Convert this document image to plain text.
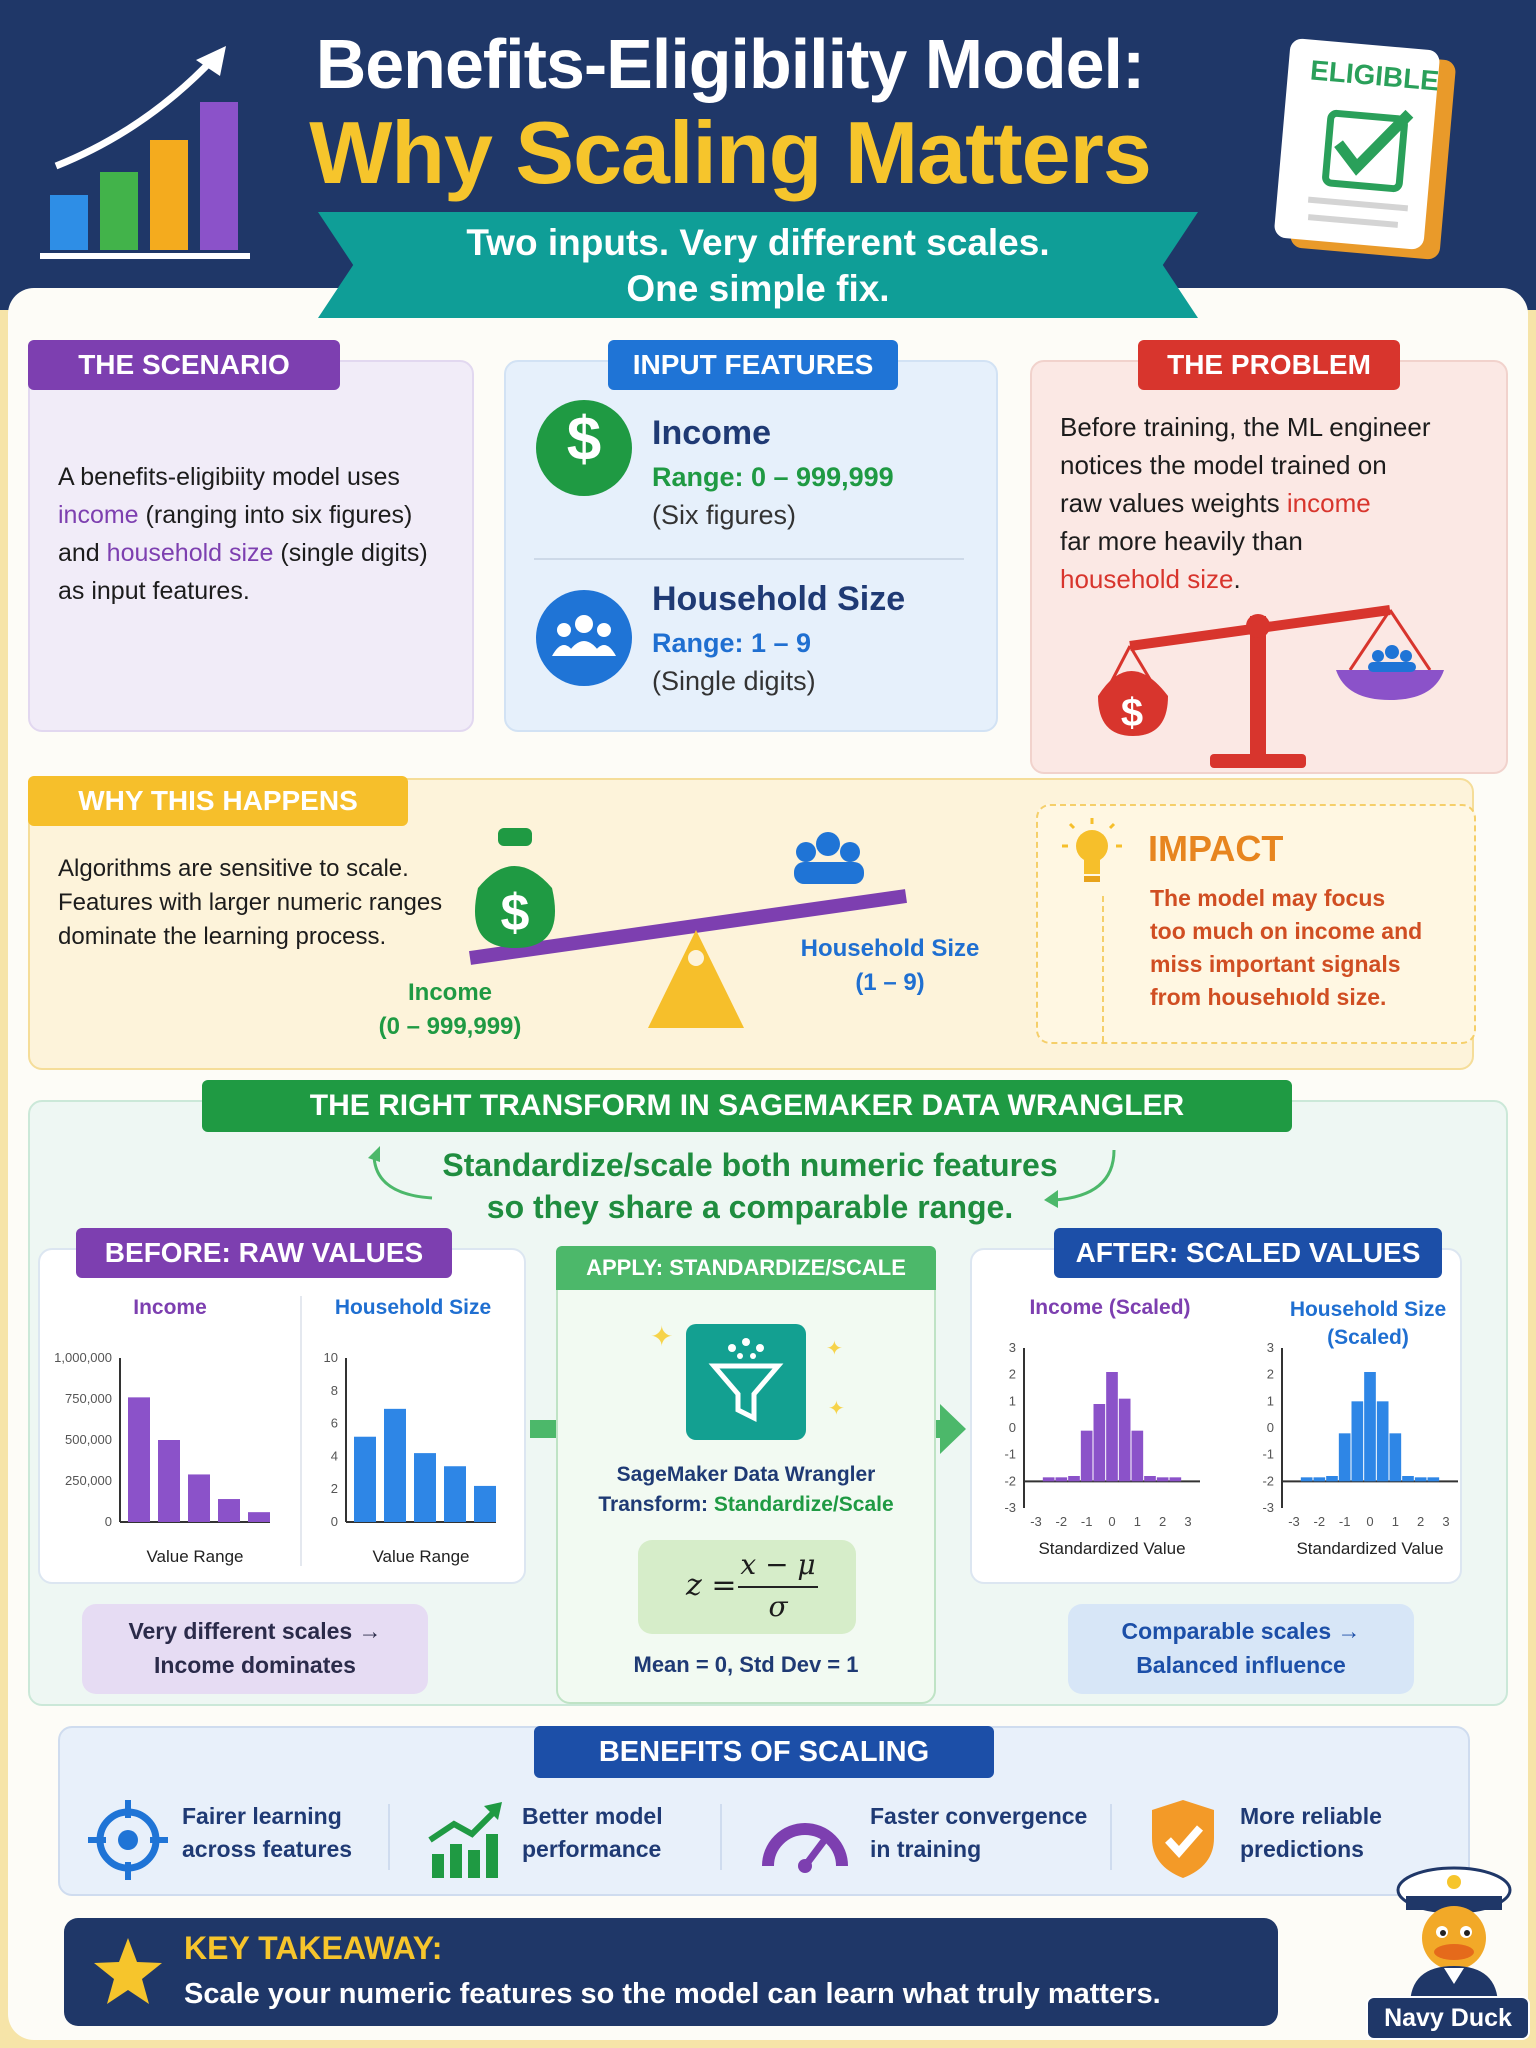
ELIGIBLE
Benefits-Eligibility Model:
Why Scaling Matters
Two inputs. Very different scales.
One simple fix.
THE SCENARIO
A benefits-eligibiity model uses
income (ranging into six figures)
and household size (single digits)
as input features.
INPUT FEATURES
$	Income
Range: 0 – 999,999
(Six figures)
Household Size
Range: 1 – 9
(Single digits)
THE PROBLEM
Before training, the ML engineer
notices the model trained on
raw values weights income
far more heavily than
household size.
$
WHY THIS HAPPENS
Algorithms are sensitive to scale.
Features with larger numeric ranges
dominate the learning process.	$
Income
(0 – 999,999)
Household Size
(1 – 9)
IMPACT
The model may focus
too much on income and
miss important signals
from househıold size.
THE RIGHT TRANSFORM IN SAGEMAKER DATA WRANGLER
Standardize/scale both numeric features
so they share a comparable range.
BEFORE: RAW VALUES
Income	Household Size
1,000,000
750,000
500,000
250,000
0
Value Range
10
8
6
4
2
0
Value Range
Very different scales →
Income dominates
APPLY: STANDARDIZE/SCALE
✦	✦
✦
SageMaker Data Wrangler
Transform: Standardize/Scale
z =
x − μ
σ
Mean = 0, Std Dev = 1
AFTER: SCALED VALUES
Income (Scaled)	Household Size
(Scaled)
3
2
1
0
-1
-2
-3
-3 -2 -1 0 1 2 3
Standardized Value
3
2
1
0
-1
-2
-3
-3 -2 -1 0 1 2 3
Standardized Value
Comparable scales →
Balanced influence
BENEFITS OF SCALING
Fairer learning
across features
Better model
performance
Faster convergence
in training
More reliable
predictions
KEY TAKEAWAY:
Scale your numeric features so the model can learn what truly matters.
Navy Duck
